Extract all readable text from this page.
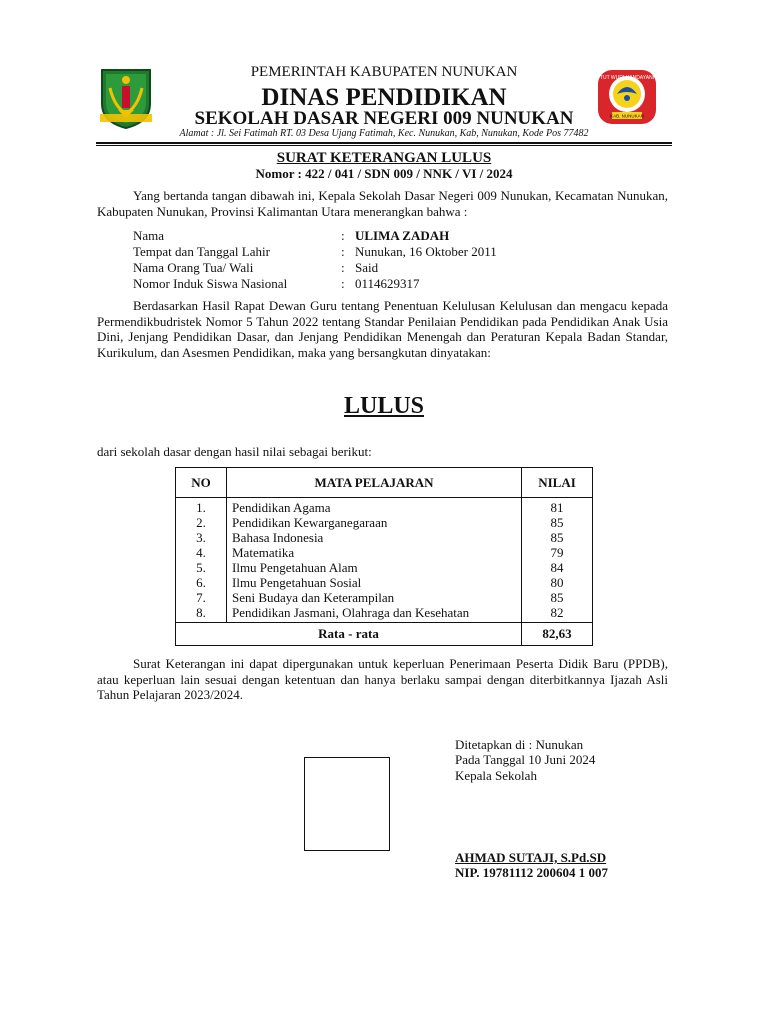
TUT WURI HANDAYANI
KAB. NUNUKAN
PEMERINTAH KABUPATEN NUNUKAN
DINAS PENDIDIKAN
SEKOLAH DASAR NEGERI 009 NUNUKAN
Alamat : Jl. Sei Fatimah RT. 03 Desa Ujang Fatimah, Kec. Nunukan, Kab, Nunukan, Kode Pos 77482
SURAT KETERANGAN LULUS
Nomor : 422 / 041 / SDN 009 / NNK / VI / 2024
Yang bertanda tangan dibawah ini, Kepala Sekolah Dasar Negeri 009 Nunukan, Kecamatan Nunukan, Kabupaten Nunukan, Provinsi Kalimantan Utara menerangkan bahwa :
Nama	: ULIMA ZADAH
Tempat dan Tanggal Lahir	: Nunukan, 16 Oktober 2011
Nama Orang Tua/ Wali	: Said
Nomor Induk Siswa Nasional	: 0114629317
Berdasarkan Hasil Rapat Dewan Guru tentang Penentuan Kelulusan Kelulusan dan mengacu kepada Permendikbudristek Nomor 5 Tahun 2022 tentang Standar Penilaian Pendidikan pada Pendidikan Anak Usia Dini, Jenjang Pendidikan Dasar, dan Jenjang Pendidikan Menengah dan Peraturan Kepala Badan Standar, Kurikulum, dan Asesmen Pendidikan, maka yang bersangkutan dinyatakan:
LULUS
dari sekolah dasar dengan hasil nilai sebagai berikut:
NO	MATA PELAJARAN	NILAI
1.	Pendidikan Agama	81
2.	Pendidikan Kewarganegaraan	85
3.	Bahasa Indonesia	85
4.	Matematika	79
5.	Ilmu Pengetahuan Alam	84
6.	Ilmu Pengetahuan Sosial	80
7.	Seni Budaya dan Keterampilan	85
8.	Pendidikan Jasmani, Olahraga dan Kesehatan	82
Rata - rata		82,63
Surat Keterangan ini dapat dipergunakan untuk keperluan Penerimaan Peserta Didik Baru (PPDB), atau keperluan lain sesuai dengan ketentuan dan hanya berlaku sampai dengan diterbitkannya Ijazah Asli Tahun Pelajaran 2023/2024.
Ditetapkan di : Nunukan
Pada Tanggal 10 Juni 2024
Kepala Sekolah
AHMAD SUTAJI, S.Pd.SD
NIP. 19781112 200604 1 007
